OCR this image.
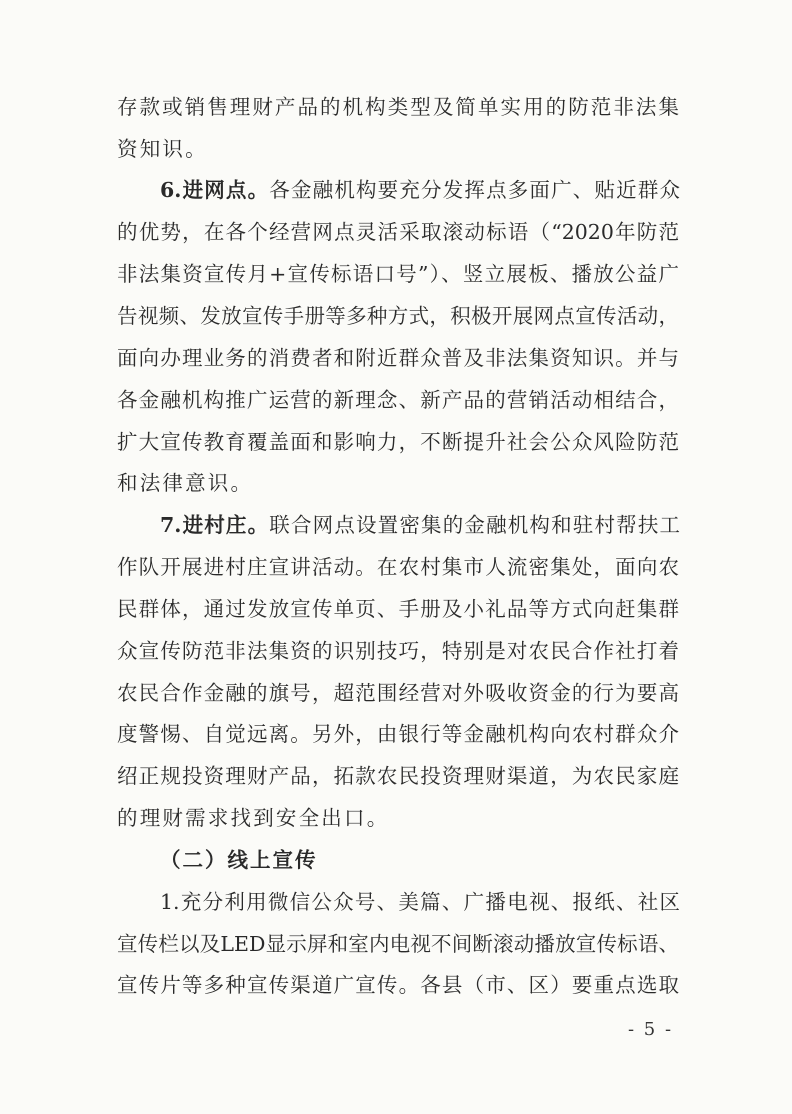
存款或销售理财产品的机构类型及简单实用的防范非法集
资知识。
6.进网点。各金融机构要充分发挥点多面广、贴近群众
的优势，在各个经营网点灵活采取滚动标语（“2020年防范
非法集资宣传月+宣传标语口号”）、竖立展板、播放公益广
告视频、发放宣传手册等多种方式，积极开展网点宣传活动，
面向办理业务的消费者和附近群众普及非法集资知识。并与
各金融机构推广运营的新理念、新产品的营销活动相结合，
扩大宣传教育覆盖面和影响力，不断提升社会公众风险防范
和法律意识。
7.进村庄。联合网点设置密集的金融机构和驻村帮扶工
作队开展进村庄宣讲活动。在农村集市人流密集处，面向农
民群体，通过发放宣传单页、手册及小礼品等方式向赶集群
众宣传防范非法集资的识别技巧，特别是对农民合作社打着
农民合作金融的旗号，超范围经营对外吸收资金的行为要高
度警惕、自觉远离。另外，由银行等金融机构向农村群众介
绍正规投资理财产品，拓款农民投资理财渠道，为农民家庭
的理财需求找到安全出口。
（二）线上宣传
1.充分利用微信公众号、美篇、广播电视、报纸、社区
宣传栏以及LED显示屏和室内电视不间断滚动播放宣传标语、
宣传片等多种宣传渠道广宣传。各县（市、区）要重点选取
- 5 -
